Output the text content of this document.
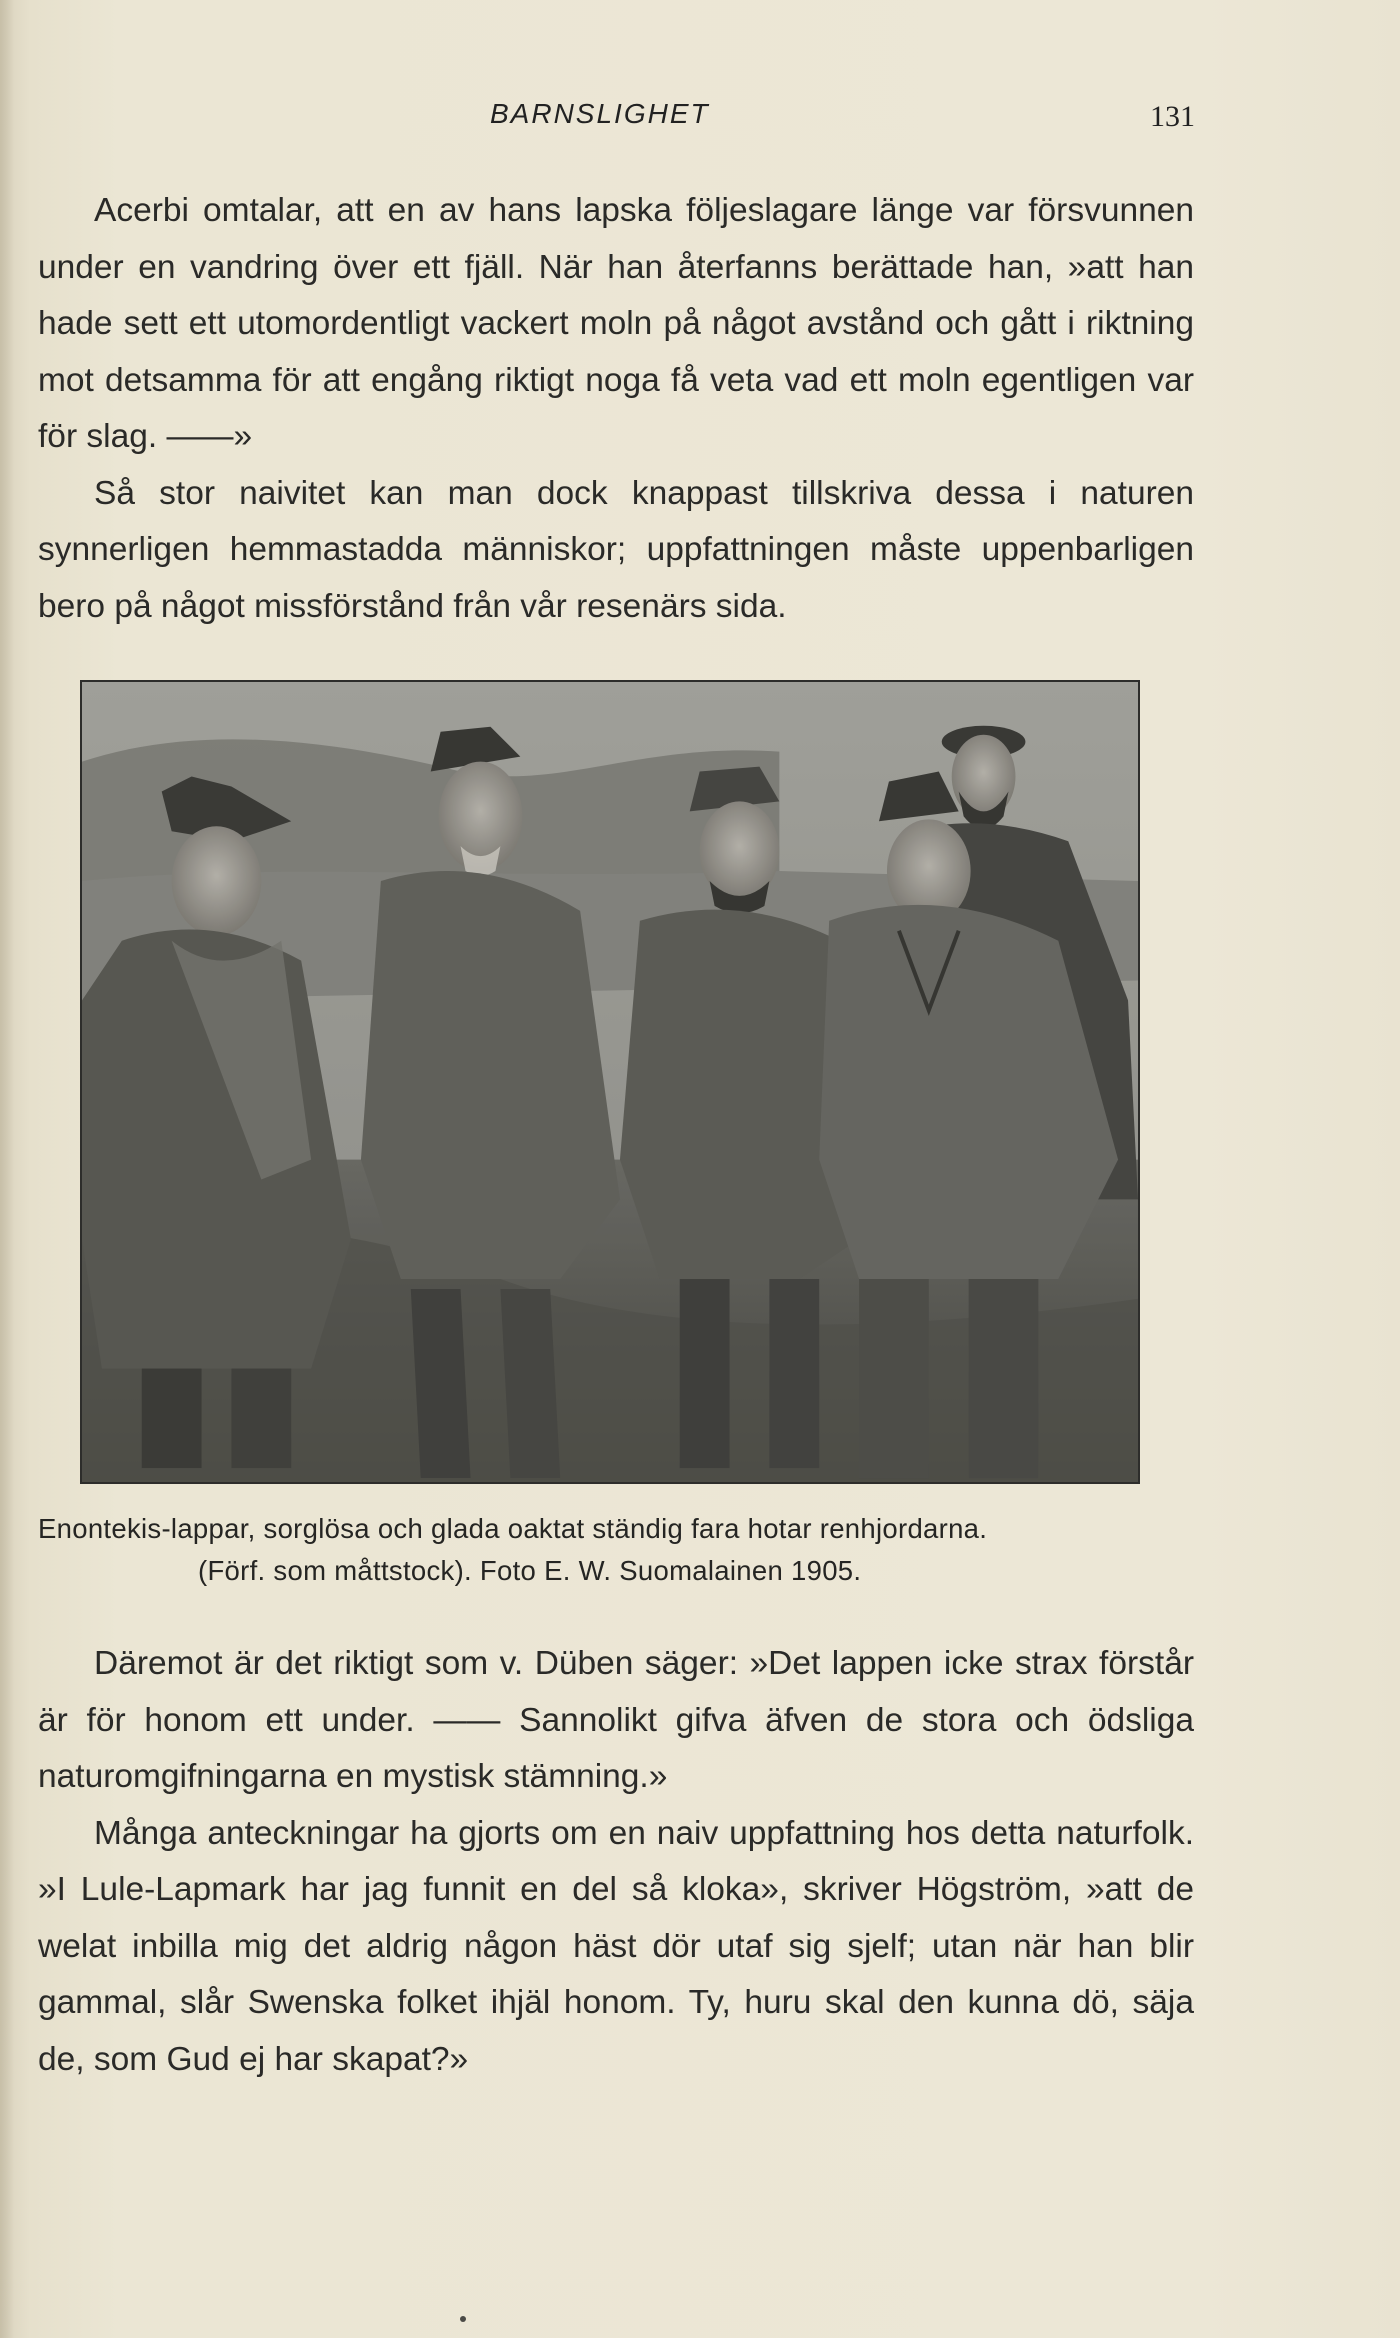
BARNSLIGHET	131

Acerbi omtalar, att en av hans lapska följeslagare länge var försvunnen under en vandring över ett fjäll. När han återfanns berättade han, »att han hade sett ett utomordentligt vackert moln på något avstånd och gått i riktning mot detsamma för att engång riktigt noga få veta vad ett moln egentligen var för slag. ——»

Så stor naivitet kan man dock knappast tillskriva dessa i naturen synnerligen hemmastadda människor; uppfattningen måste uppenbarligen bero på något missförstånd från vår resenärs sida.

Enontekis-lappar, sorglösa och glada oaktat ständig fara hotar renhjordarna.
(Förf. som måttstock). Foto E. W. Suomalainen 1905.

Däremot är det riktigt som v. Düben säger: »Det lappen icke strax förstår är för honom ett under. —— Sannolikt gifva äfven de stora och ödsliga naturomgifningarna en mystisk stämning.»

Många anteckningar ha gjorts om en naiv uppfattning hos detta naturfolk. »I Lule-Lapmark har jag funnit en del så kloka», skriver Högström, »att de welat inbilla mig det aldrig någon häst dör utaf sig sjelf; utan när han blir gammal, slår Swenska folket ihjäl honom. Ty, huru skal den kunna dö, säja de, som Gud ej har skapat?»
